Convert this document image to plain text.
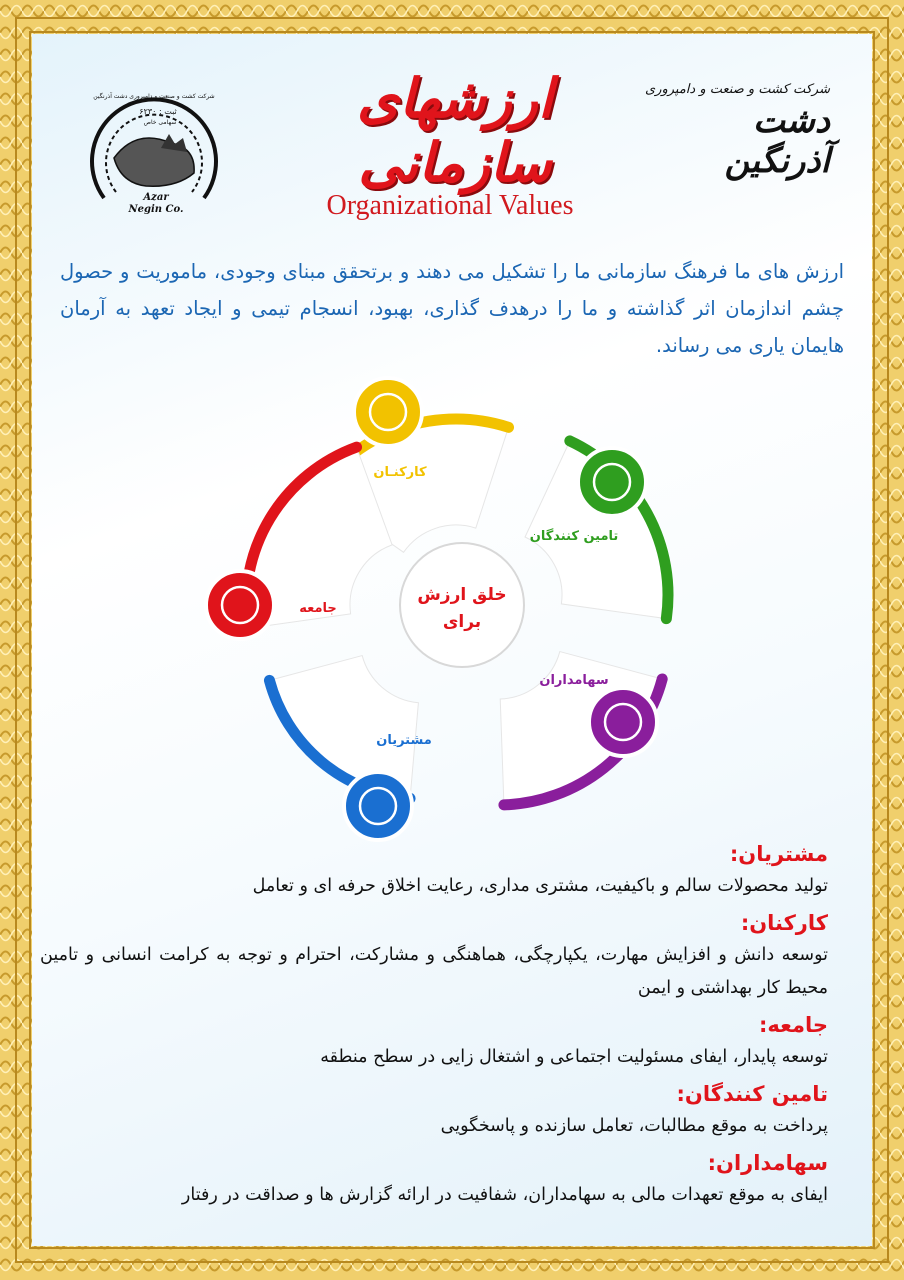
۶۲۳۰ : ثبت
سهامی خاص
Azar
Negin Co.
شرکت کشت و صنعت و دامپروری دشت آذرنگین	شرکت کشت و صنعت و دامپروری
دشت آذرنگین
ارزشهای سازمانی
Organizational Values
ارزش های ما فرهنگ سازمانی ما را تشکیل می دهند و برتحقق مبنای وجودی، ماموریت و حصول چشم اندازمان اثر گذاشته و ما را درهدف گذاری، بهبود، انسجام تیمی و ایجاد تعهد به آرمان هایمان یاری می رساند.
کارکنـان
تامین کنندگان
سهامداران
مشتریان
جامعه
خلق ارزش
برای
مشتریان:
تولید محصولات سالم و باکیفیت، مشتری مداری، رعایت اخلاق حرفه ای و تعامل
کارکنان:
توسعه دانش و افزایش مهارت، یکپارچگی، هماهنگی و مشارکت، احترام و توجه به کرامت انسانی و تامین محیط کار بهداشتی و ایمن
جامعه:
توسعه پایدار، ایفای مسئولیت اجتماعی و اشتغال زایی در سطح منطقه
تامین کنندگان:
پرداخت به موقع مطالبات، تعامل سازنده و پاسخگویی
سهامداران:
ایفای به موقع تعهدات مالی به سهامداران، شفافیت در ارائه گزارش ها و صداقت در رفتار
